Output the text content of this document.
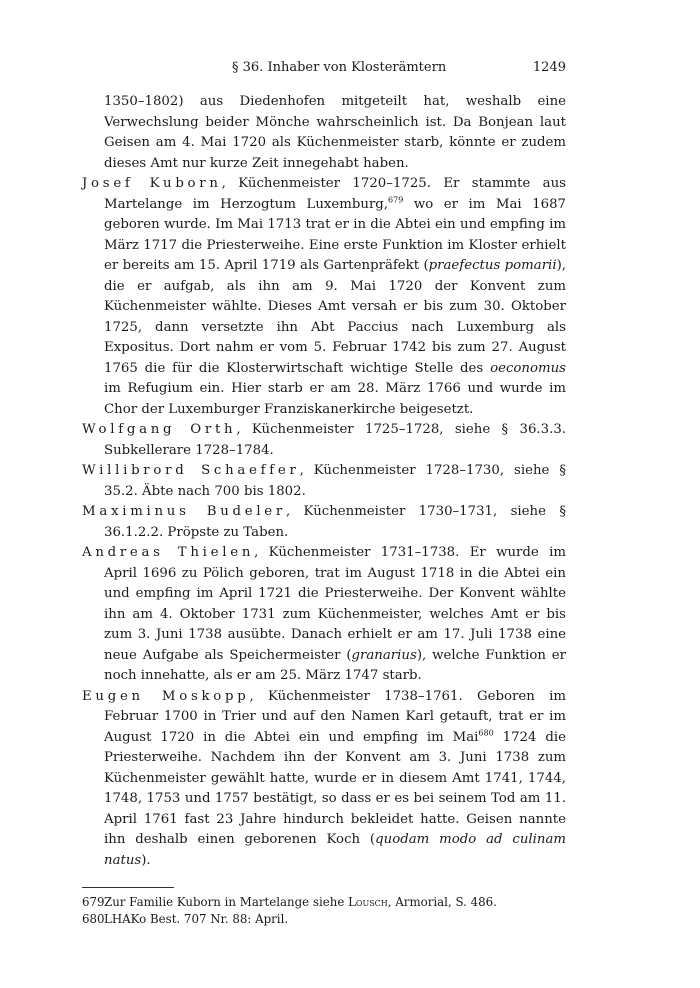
§ 36. Inhaber von Klosterämtern	1249

1350–1802) aus Diedenhofen mitgeteilt hat, weshalb eine Verwechslung beider Mönche wahrscheinlich ist. Da Bonjean laut Geisen am 4. Mai 1720 als Küchenmeister starb, könnte er zudem dieses Amt nur kurze Zeit innegehabt haben.

Josef Kuborn, Küchenmeister 1720–1725. Er stammte aus Martelange im Herzogtum Luxemburg,$^{679}$ wo er im Mai 1687 geboren wurde. Im Mai 1713 trat er in die Abtei ein und empfing im März 1717 die Priesterweihe. Eine erste Funktion im Kloster erhielt er bereits am 15. April 1719 als Gartenpräfekt (praefectus pomarii), die er aufgab, als ihn am 9. Mai 1720 der Konvent zum Küchenmeister wählte. Dieses Amt versah er bis zum 30. Oktober 1725, dann versetzte ihn Abt Paccius nach Luxemburg als Expositus. Dort nahm er vom 5. Februar 1742 bis zum 27. August 1765 die für die Klosterwirtschaft wichtige Stelle des oeconomus im Refugium ein. Hier starb er am 28. März 1766 und wurde im Chor der Luxemburger Franziskanerkirche beigesetzt.

Wolfgang Orth, Küchenmeister 1725–1728, siehe § 36.3.3. Subkellerare 1728–1784.

Willibrord Schaeffer, Küchenmeister 1728–1730, siehe § 35.2. Äbte nach 700 bis 1802.

Maximinus Budeler, Küchenmeister 1730–1731, siehe § 36.1.2.2. Pröpste zu Taben.

Andreas Thielen, Küchenmeister 1731–1738. Er wurde im April 1696 zu Pölich geboren, trat im August 1718 in die Abtei ein und empfing im April 1721 die Priesterweihe. Der Konvent wählte ihn am 4. Oktober 1731 zum Küchenmeister, welches Amt er bis zum 3. Juni 1738 ausübte. Danach erhielt er am 17. Juli 1738 eine neue Aufgabe als Speichermeister (granarius), welche Funktion er noch innehatte, als er am 25. März 1747 starb.

Eugen Moskopp, Küchenmeister 1738–1761. Geboren im Februar 1700 in Trier und auf den Namen Karl getauft, trat er im August 1720 in die Abtei ein und empfing im Mai$^{680}$ 1724 die Priesterweihe. Nachdem ihn der Konvent am 3. Juni 1738 zum Küchenmeister gewählt hatte, wurde er in diesem Amt 1741, 1744, 1748, 1753 und 1757 bestätigt, so dass er es bei seinem Tod am 11. April 1761 fast 23 Jahre hindurch bekleidet hatte. Geisen nannte ihn deshalb einen geborenen Koch (quodam modo ad culinam natus).

679Zur Familie Kuborn in Martelange siehe Lousch, Armorial, S. 486.

680LHAKo Best. 707 Nr. 88: April.
